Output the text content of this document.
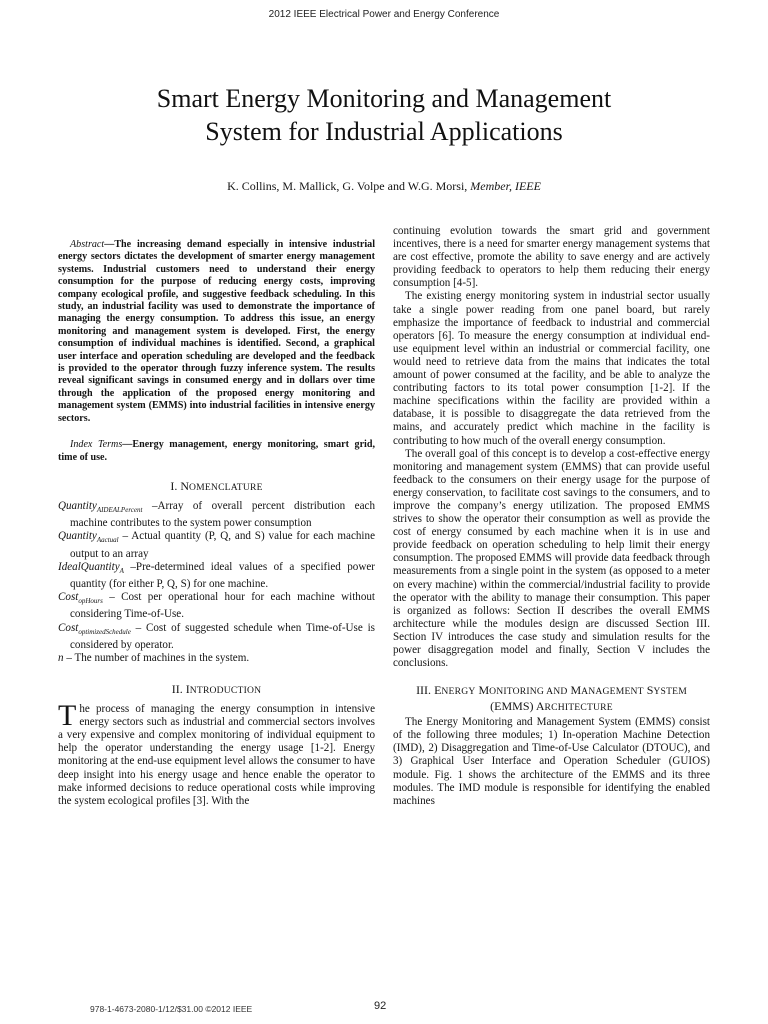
2012 IEEE Electrical Power and Energy Conference
Smart Energy Monitoring and Management
System for Industrial Applications
K. Collins, M. Mallick, G. Volpe and W.G. Morsi, Member, IEEE

Abstract—The increasing demand especially in intensive industrial energy sectors dictates the development of smarter energy management systems. Industrial customers need to understand their energy consumption for the purpose of reducing energy costs, improving company ecological profile, and suggestive feedback scheduling. In this study, an industrial facility was used to demonstrate the importance of managing the energy consumption. To address this issue, an energy monitoring and management system is developed. First, the energy consumption of individual machines is identified. Second, a graphical user interface and operation scheduling are developed and the feedback is provided to the operator through fuzzy inference system. The results reveal significant savings in consumed energy and in dollars over time through the application of the proposed energy monitoring and management system (EMMS) into industrial facilities in intensive energy sectors.

Index Terms—Energy management, energy monitoring, smart grid, time of use.

I. NOMENCLATURE

Quantity$_{AIDEALPercent}$ –Array of overall percent distribution each machine contributes to the system power consumption

Quantity$_{Aactual}$ – Actual quantity (P, Q, and S) value for each machine output to an array

IdealQuantity$_A$ –Pre-determined ideal values of a specified power quantity (for either P, Q, S) for one machine.

Cost$_{opHours}$ – Cost per operational hour for each machine without considering Time-of-Use.

Cost$_{optimizedSchedule}$ – Cost of suggested schedule when Time-of-Use is considered by operator.

n – The number of machines in the system.

II. INTRODUCTION

The process of managing the energy consumption in intensive energy sectors such as industrial and commercial sectors involves a very expensive and complex monitoring of individual equipment to help the operator understanding the energy usage [1-2]. Energy monitoring at the end-use equipment level allows the consumer to have deep insight into his energy usage and hence enable the operator to make informed decisions to reduce operational costs while improving the system ecological profiles [3]. With the

continuing evolution towards the smart grid and government incentives, there is a need for smarter energy management systems that are cost effective, promote the ability to save energy and are actively providing feedback to operators to help them reducing their energy consumption [4-5].

The existing energy monitoring system in industrial sector usually take a single power reading from one panel board, but rarely emphasize the importance of feedback to industrial and commercial operators [6]. To measure the energy consumption at individual end-use equipment level within an industrial or commercial facility, one would need to retrieve data from the mains that indicates the total amount of power consumed at the facility, and be able to analyze the contributing factors to its total power consumption [1-2]. If the machine specifications within the facility are provided within a database, it is possible to disaggregate the data retrieved from the mains, and accurately predict which machine in the facility is contributing to how much of the overall energy consumption.

The overall goal of this concept is to develop a cost-effective energy monitoring and management system (EMMS) that can provide useful feedback to the consumers on their energy usage for the purpose of energy conservation, to facilitate cost savings to the consumers, and to improve the company’s energy utilization. The proposed EMMS strives to show the operator their consumption as well as provide the cost of energy consumed by each machine when it is in use and provide feedback on operation scheduling to help limit their energy consumption. The proposed EMMS will provide data feedback through measurements from a single point in the system (as opposed to a meter on every machine) within the commercial/industrial facility to provide the operator with the ability to manage their consumption. This paper is organized as follows: Section II describes the overall EMMS architecture while the modules design are discussed Section III. Section IV introduces the case study and simulation results for the power disaggregation model and finally, Section V includes the conclusions.

III. ENERGY MONITORING AND MANAGEMENT SYSTEM
(EMMS) ARCHITECTURE

The Energy Monitoring and Management System (EMMS) consist of the following three modules; 1) In-operation Machine Detection (IMD), 2) Disaggregation and Time-of-Use Calculator (DTOUC), and 3) Graphical User Interface and Operation Scheduler (GUIOS) module. Fig. 1 shows the architecture of the EMMS and its three modules. The IMD module is responsible for identifying the enabled machines

978-1-4673-2080-1/12/$31.00 ©2012 IEEE	92
